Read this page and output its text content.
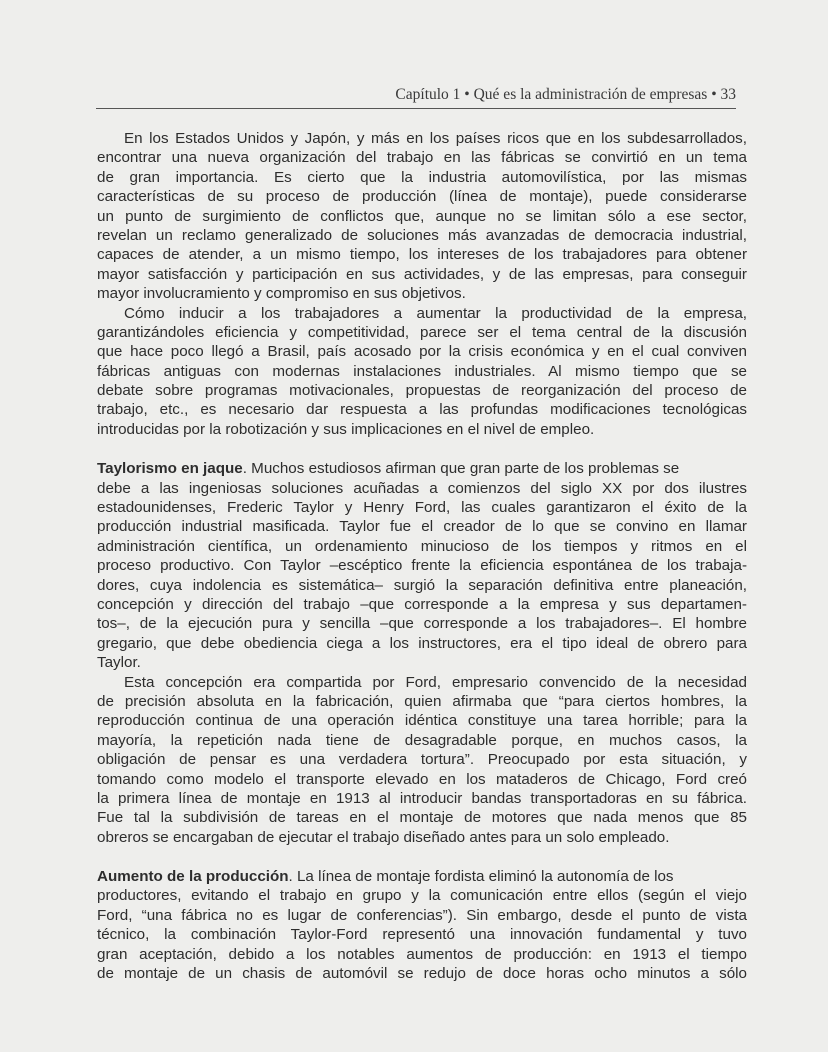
Capítulo 1 • Qué es la administración de empresas • 33
En los Estados Unidos y Japón, y más en los países ricos que en los subdesarrollados,
encontrar una nueva organización del trabajo en las fábricas se convirtió en un tema
de gran importancia. Es cierto que la industria automovilística, por las mismas
características de su proceso de producción (línea de montaje), puede considerarse
un punto de surgimiento de conflictos que, aunque no se limitan sólo a ese sector,
revelan un reclamo generalizado de soluciones más avanzadas de democracia industrial,
capaces de atender, a un mismo tiempo, los intereses de los trabajadores para obtener
mayor satisfacción y participación en sus actividades, y de las empresas, para conseguir
mayor involucramiento y compromiso en sus objetivos.
Cómo inducir a los trabajadores a aumentar la productividad de la empresa,
garantizándoles eficiencia y competitividad, parece ser el tema central de la discusión
que hace poco llegó a Brasil, país acosado por la crisis económica y en el cual conviven
fábricas antiguas con modernas instalaciones industriales. Al mismo tiempo que se
debate sobre programas motivacionales, propuestas de reorganización del proceso de
trabajo, etc., es necesario dar respuesta a las profundas modificaciones tecnológicas
introducidas por la robotización y sus implicaciones en el nivel de empleo.
Taylorismo en jaque. Muchos estudiosos afirman que gran parte de los problemas se
debe a las ingeniosas soluciones acuñadas a comienzos del siglo XX por dos ilustres
estadounidenses, Frederic Taylor y Henry Ford, las cuales garantizaron el éxito de la
producción industrial masificada. Taylor fue el creador de lo que se convino en llamar
administración científica, un ordenamiento minucioso de los tiempos y ritmos en el
proceso productivo. Con Taylor –escéptico frente la eficiencia espontánea de los trabaja-
dores, cuya indolencia es sistemática– surgió la separación definitiva entre planeación,
concepción y dirección del trabajo –que corresponde a la empresa y sus departamen-
tos–, de la ejecución pura y sencilla –que corresponde a los trabajadores–. El hombre
gregario, que debe obediencia ciega a los instructores, era el tipo ideal de obrero para
Taylor.
Esta concepción era compartida por Ford, empresario convencido de la necesidad
de precisión absoluta en la fabricación, quien afirmaba que “para ciertos hombres, la
reproducción continua de una operación idéntica constituye una tarea horrible; para la
mayoría, la repetición nada tiene de desagradable porque, en muchos casos, la
obligación de pensar es una verdadera tortura”. Preocupado por esta situación, y
tomando como modelo el transporte elevado en los mataderos de Chicago, Ford creó
la primera línea de montaje en 1913 al introducir bandas transportadoras en su fábrica.
Fue tal la subdivisión de tareas en el montaje de motores que nada menos que 85
obreros se encargaban de ejecutar el trabajo diseñado antes para un solo empleado.
Aumento de la producción. La línea de montaje fordista eliminó la autonomía de los
productores, evitando el trabajo en grupo y la comunicación entre ellos (según el viejo
Ford, “una fábrica no es lugar de conferencias”). Sin embargo, desde el punto de vista
técnico, la combinación Taylor-Ford representó una innovación fundamental y tuvo
gran aceptación, debido a los notables aumentos de producción: en 1913 el tiempo
de montaje de un chasis de automóvil se redujo de doce horas ocho minutos a sólo
